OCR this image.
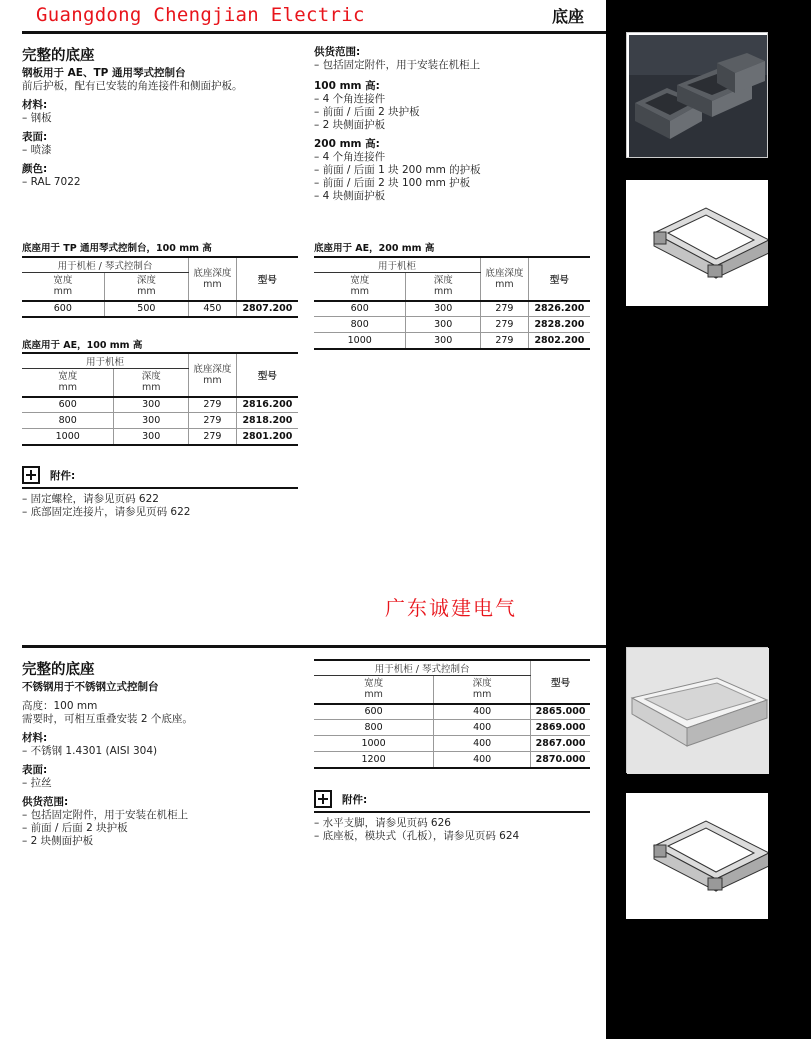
Guangdong Chengjian Electric	底座
完整的底座
钢板用于 AE、TP 通用琴式控制台
前后护板，配有已安装的角连接件和侧面护板。
材料:
– 钢板
表面:
– 喷漆
颜色:
– RAL 7022
供货范围:
– 包括固定附件，用于安装在机柜上
100 mm 高:
– 4 个角连接件
– 前面 / 后面 2 块护板
– 2 块侧面护板
200 mm 高:
– 4 个角连接件
– 前面 / 后面 1 块 200 mm 的护板
– 前面 / 后面 2 块 100 mm 护板
– 4 块侧面护板
底座用于 TP 通用琴式控制台，100 mm 高
用于机柜 / 琴式控制台		底座深度
mm	型号
宽度
mm	深度
mm		
600	500	450	2807.200
底座用于 AE，100 mm 高
用于机柜		底座深度
mm	型号
宽度
mm	深度
mm		
600	300	279	2816.200
800	300	279	2818.200
1000	300	279	2801.200
底座用于 AE，200 mm 高
用于机柜		底座深度
mm	型号
宽度
mm	深度
mm		
600	300	279	2826.200
800	300	279	2828.200
1000	300	279	2802.200
附件:
– 固定螺栓，请参见页码 622
– 底部固定连接片，请参见页码 622
广东诚建电气
完整的底座
不锈钢用于不锈钢立式控制台
高度：100 mm
需要时，可相互重叠安装 2 个底座。
材料:
– 不锈钢 1.4301 (AISI 304)
表面:
– 拉丝
供货范围:
– 包括固定附件，用于安装在机柜上
– 前面 / 后面 2 块护板
– 2 块侧面护板
用于机柜 / 琴式控制台		型号
宽度
mm	深度
mm	
600	400	2865.000
800	400	2869.000
1000	400	2867.000
1200	400	2870.000
附件:
– 水平支脚，请参见页码 626
– 底座板，模块式（孔板），请参见页码 624
